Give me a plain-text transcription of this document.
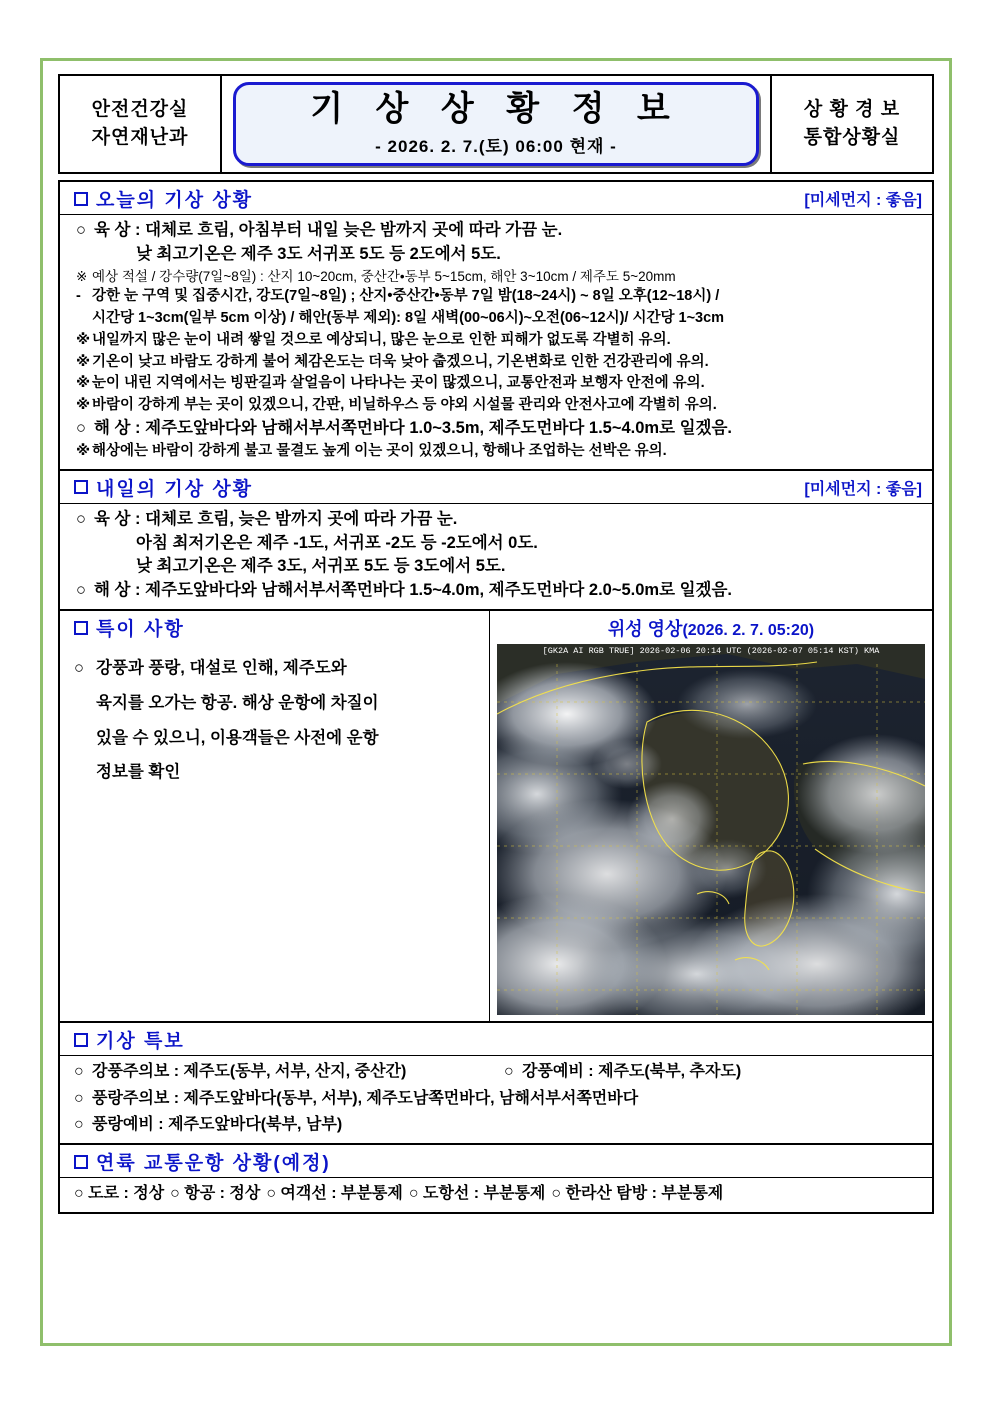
안전건강실
자연재난과
기 상 상 황 정 보
- 2026. 2. 7.(토) 06:00 현재 -
상 황 경 보
통합상황실
오늘의 기상 상황	[미세먼지 : 좋음]
○ 육 상 : 대체로 흐림, 아침부터 내일 늦은 밤까지 곳에 따라 가끔 눈.
낮 최고기온은 제주 3도 서귀포 5도 등 2도에서 5도.
※ 예상 적설 / 강수량(7일~8일) : 산지 10~20cm, 중산간•동부 5~15cm, 해안 3~10cm / 제주도 5~20mm
- 강한 눈 구역 및 집중시간, 강도(7일~8일) ; 산지•중산간•동부 7일 밤(18~24시) ~ 8일 오후(12~18시) /
시간당 1~3cm(일부 5cm 이상) / 해안(동부 제외): 8일 새벽(00~06시)~오전(06~12시)/ 시간당 1~3cm
※ 내일까지 많은 눈이 내려 쌓일 것으로 예상되니, 많은 눈으로 인한 피해가 없도록 각별히 유의.
※ 기온이 낮고 바람도 강하게 불어 체감온도는 더욱 낮아 춥겠으니, 기온변화로 인한 건강관리에 유의.
※ 눈이 내린 지역에서는 빙판길과 살얼음이 나타나는 곳이 많겠으니, 교통안전과 보행자 안전에 유의.
※ 바람이 강하게 부는 곳이 있겠으니, 간판, 비닐하우스 등 야외 시설물 관리와 안전사고에 각별히 유의.
○ 해 상 : 제주도앞바다와 남해서부서쪽먼바다 1.0~3.5m, 제주도먼바다 1.5~4.0m로 일겠음.
※ 해상에는 바람이 강하게 불고 물결도 높게 이는 곳이 있겠으니, 항해나 조업하는 선박은 유의.
내일의 기상 상황	[미세먼지 : 좋음]
○ 육 상 : 대체로 흐림, 늦은 밤까지 곳에 따라 가끔 눈.
아침 최저기온은 제주 -1도, 서귀포 -2도 등 -2도에서 0도.
낮 최고기온은 제주 3도, 서귀포 5도 등 3도에서 5도.
○ 해 상 : 제주도앞바다와 남해서부서쪽먼바다 1.5~4.0m, 제주도먼바다 2.0~5.0m로 일겠음.
특이 사항
○ 강풍과 풍랑, 대설로 인해, 제주도와
육지를 오가는 항공. 해상 운항에 차질이
있을 수 있으니, 이용객들은 사전에 운항
정보를 확인
위성 영상(2026. 2. 7. 05:20)
[GK2A AI RGB TRUE] 2026-02-06 20:14 UTC (2026-02-07 05:14 KST) KMA
기상 특보
○ 강풍주의보 :
제주도(동부, 서부, 산지, 중산간)	○ 강풍예비 :
제주도(북부, 추자도)
○ 풍랑주의보 :
제주도앞바다(동부, 서부), 제주도남쪽먼바다, 남해서부서쪽먼바다
○ 풍랑예비 :
제주도앞바다(북부, 남부)
연륙 교통운항 상황(예정)
○ 도로 : 정상 ○ 항공 : 정상 ○ 여객선 : 부분통제 ○ 도항선 : 부분통제 ○ 한라산 탐방 : 부분통제
